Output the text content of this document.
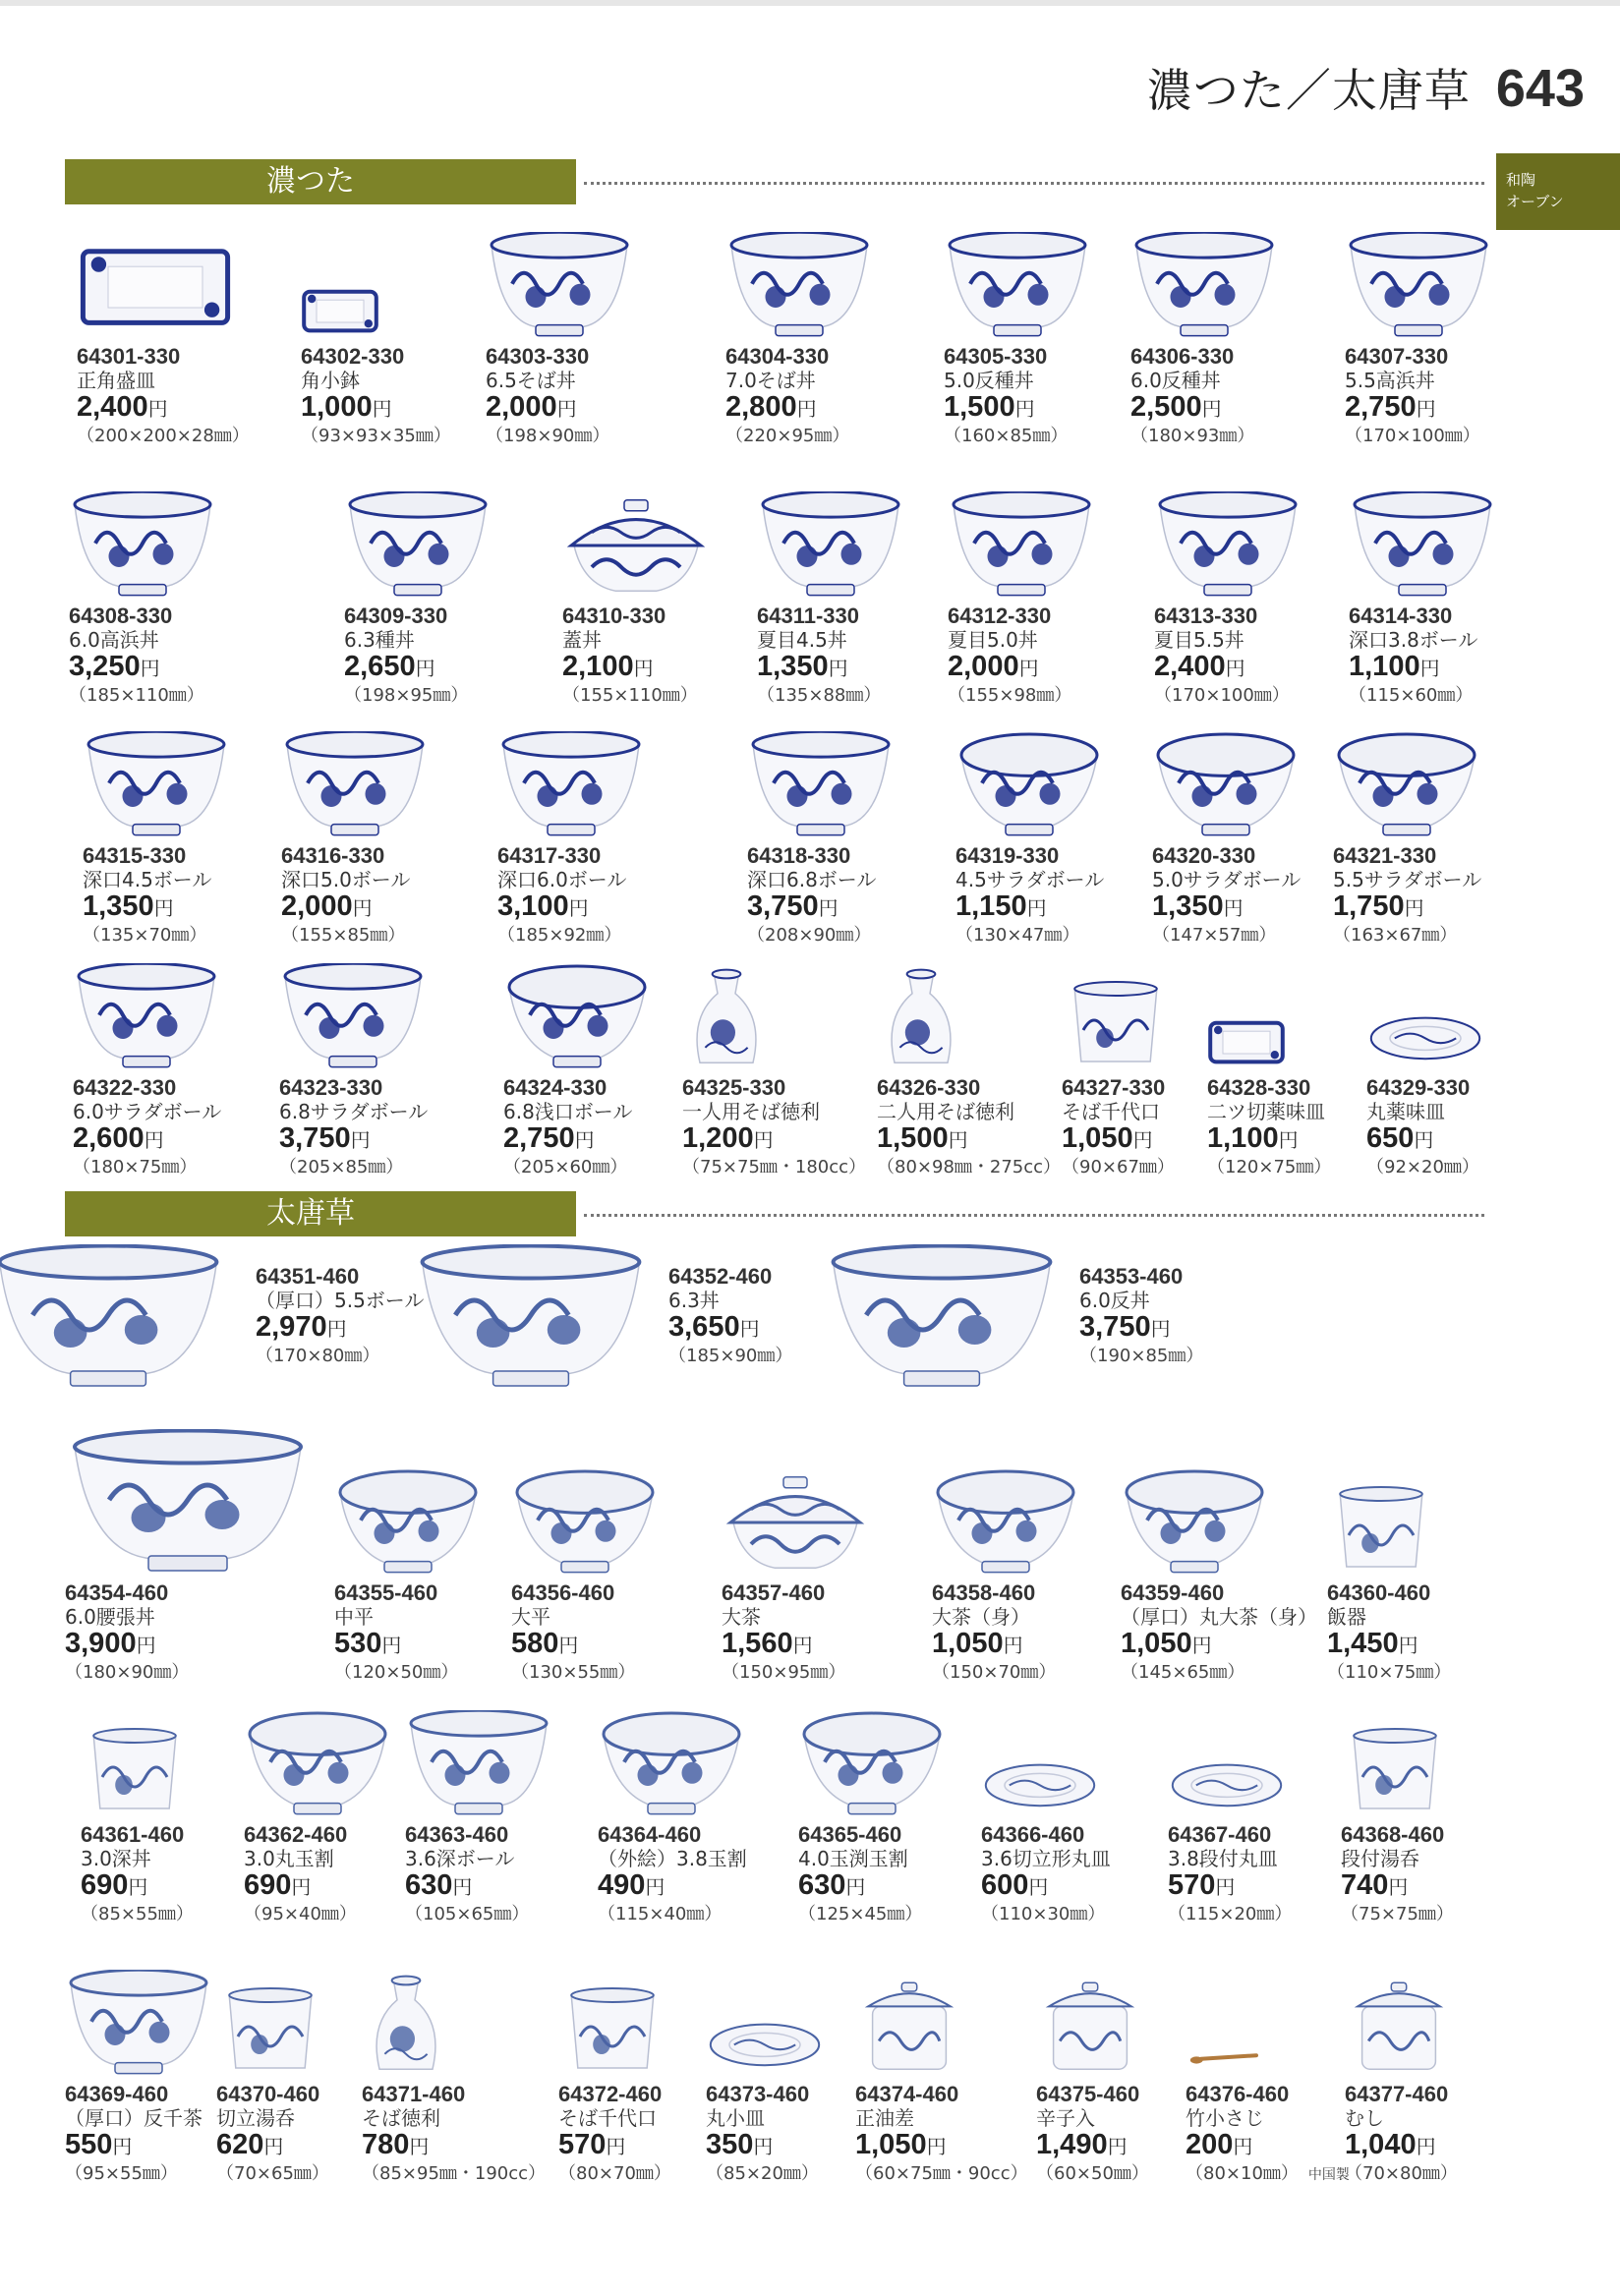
濃つた／太唐草 643
和陶
オーブン
濃つた
太唐草
64301-330
正角盛皿
2,400円
（200×200×28㎜）
64302-330
角小鉢
1,000円
（93×93×35㎜）
64303-330
6.5そば丼
2,000円
（198×90㎜）
64304-330
7.0そば丼
2,800円
（220×95㎜）
64305-330
5.0反種丼
1,500円
（160×85㎜）
64306-330
6.0反種丼
2,500円
（180×93㎜）
64307-330
5.5高浜丼
2,750円
（170×100㎜）
64308-330
6.0高浜丼
3,250円
（185×110㎜）
64309-330
6.3種丼
2,650円
（198×95㎜）
64310-330
蓋丼
2,100円
（155×110㎜）
64311-330
夏目4.5丼
1,350円
（135×88㎜）
64312-330
夏目5.0丼
2,000円
（155×98㎜）
64313-330
夏目5.5丼
2,400円
（170×100㎜）
64314-330
深口3.8ボール
1,100円
（115×60㎜）
64315-330
深口4.5ボール
1,350円
（135×70㎜）
64316-330
深口5.0ボール
2,000円
（155×85㎜）
64317-330
深口6.0ボール
3,100円
（185×92㎜）
64318-330
深口6.8ボール
3,750円
（208×90㎜）
64319-330
4.5サラダボール
1,150円
（130×47㎜）
64320-330
5.0サラダボール
1,350円
（147×57㎜）
64321-330
5.5サラダボール
1,750円
（163×67㎜）
64322-330
6.0サラダボール
2,600円
（180×75㎜）
64323-330
6.8サラダボール
3,750円
（205×85㎜）
64324-330
6.8浅口ボール
2,750円
（205×60㎜）
64325-330
一人用そば徳利
1,200円
（75×75㎜・180cc）
64326-330
二人用そば徳利
1,500円
（80×98㎜・275cc）
64327-330
そば千代口
1,050円
（90×67㎜）
64328-330
二ツ切薬味皿
1,100円
（120×75㎜）
64329-330
丸薬味皿
650円
（92×20㎜）
64351-460
（厚口）5.5ボール
2,970円
（170×80㎜）
64352-460
6.3丼
3,650円
（185×90㎜）
64353-460
6.0反丼
3,750円
（190×85㎜）
64354-460
6.0腰張丼
3,900円
（180×90㎜）
64355-460
中平
530円
（120×50㎜）
64356-460
大平
580円
（130×55㎜）
64357-460
大茶
1,560円
（150×95㎜）
64358-460
大茶（身）
1,050円
（150×70㎜）
64359-460
（厚口）丸大茶（身）
1,050円
（145×65㎜）
64360-460
飯器
1,450円
（110×75㎜）
64361-460
3.0深丼
690円
（85×55㎜）
64362-460
3.0丸玉割
690円
（95×40㎜）
64363-460
3.6深ボール
630円
（105×65㎜）
64364-460
（外絵）3.8玉割
490円
（115×40㎜）
64365-460
4.0玉渕玉割
630円
（125×45㎜）
64366-460
3.6切立形丸皿
600円
（110×30㎜）
64367-460
3.8段付丸皿
570円
（115×20㎜）
64368-460
段付湯呑
740円
（75×75㎜）
64369-460
（厚口）反千茶
550円
（95×55㎜）
64370-460
切立湯呑
620円
（70×65㎜）
64371-460
そば徳利
780円
（85×95㎜・190cc）
64372-460
そば千代口
570円
（80×70㎜）
64373-460
丸小皿
350円
（85×20㎜）
64374-460
正油差
1,050円
（60×75㎜・90cc）
64375-460
辛子入
1,490円
（60×50㎜）
64376-460
竹小さじ
200円
（80×10㎜） 中国製
64377-460
むし
1,040円
（70×80㎜）
